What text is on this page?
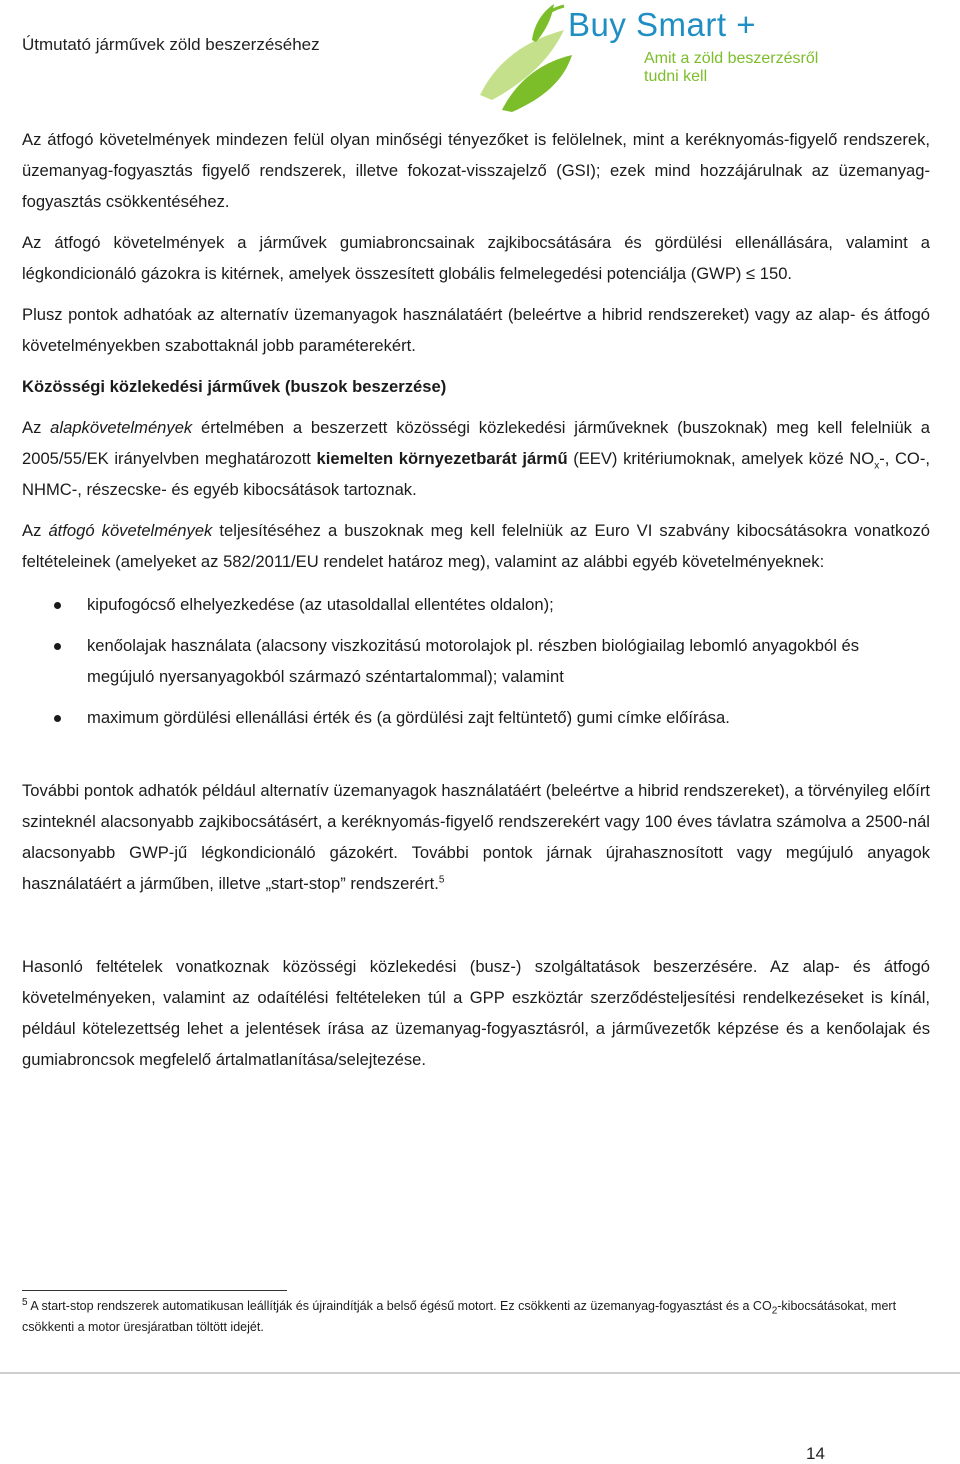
Útmutató járművek zöld beszerzéséhez
Buy Smart +
Amit a zöld beszerzésről
tudni kell

Az átfogó követelmények mindezen felül olyan minőségi tényezőket is felölelnek, mint a keréknyomás-figyelő rendszerek, üzemanyag-fogyasztás figyelő rendszerek, illetve fokozat-visszajelző (GSI); ezek mind hozzájárulnak az üzemanyag-fogyasztás csökkentéséhez.

Az átfogó követelmények a járművek gumiabroncsainak zajkibocsátására és gördülési ellenállására, valamint a légkondicionáló gázokra is kitérnek, amelyek összesített globális felmelegedési potenciálja (GWP) ≤ 150.

Plusz pontok adhatóak az alternatív üzemanyagok használatáért (beleértve a hibrid rendszereket) vagy az alap- és átfogó követelményekben szabottaknál jobb paraméterekért.

Közösségi közlekedési járművek (buszok beszerzése)

Az alapkövetelmények értelmében a beszerzett közösségi közlekedési járműveknek (buszoknak) meg kell felelniük a 2005/55/EK irányelvben meghatározott kiemelten környezetbarát jármű (EEV) kritériumoknak, amelyek közé $NO_x-$, CO-, NHMC-, részecske- és egyéb kibocsátások tartoznak.

Az átfogó követelmények teljesítéséhez a buszoknak meg kell felelniük az Euro VI szabvány kibocsátásokra vonatkozó feltételeinek (amelyeket az 582/2011/EU rendelet határoz meg), valamint az alábbi egyéb követelményeknek:

kipufogócső elhelyezkedése (az utasoldallal ellentétes oldalon);
kenőolajak használata (alacsony viszkozitású motorolajok pl. részben biológiailag lebomló anyagokból és megújuló nyersanyagokból származó széntartalommal); valamint
maximum gördülési ellenállási érték és (a gördülési zajt feltüntető) gumi címke előírása.

További pontok adhatók például alternatív üzemanyagok használatáért (beleértve a hibrid rendszereket), a törvényileg előírt szinteknél alacsonyabb zajkibocsátásért, a keréknyomás-figyelő rendszerekért vagy 100 éves távlatra számolva a 2500-nál alacsonyabb GWP-jű légkondicionáló gázokért. További pontok járnak újrahasznosított vagy megújuló anyagok használatáért a járműben, illetve „start-stop” rendszerért.$^5$

Hasonló feltételek vonatkoznak közösségi közlekedési (busz-) szolgáltatások beszerzésére. Az alap- és átfogó követelményeken, valamint az odaítélési feltételeken túl a GPP eszköztár szerződésteljesítési rendelkezéseket is kínál, például kötelezettség lehet a jelentések írása az üzemanyag-fogyasztásról, a járművezetők képzése és a kenőolajak és gumiabroncsok megfelelő ártalmatlanítása/selejtezése.

$^5$ A start-stop rendszerek automatikusan leállítják és újraindítják a belső égésű motort. Ez csökkenti az üzemanyag-fogyasztást és a $CO_2$-kibocsátásokat, mert csökkenti a motor üresjáratban töltött idejét.
14
